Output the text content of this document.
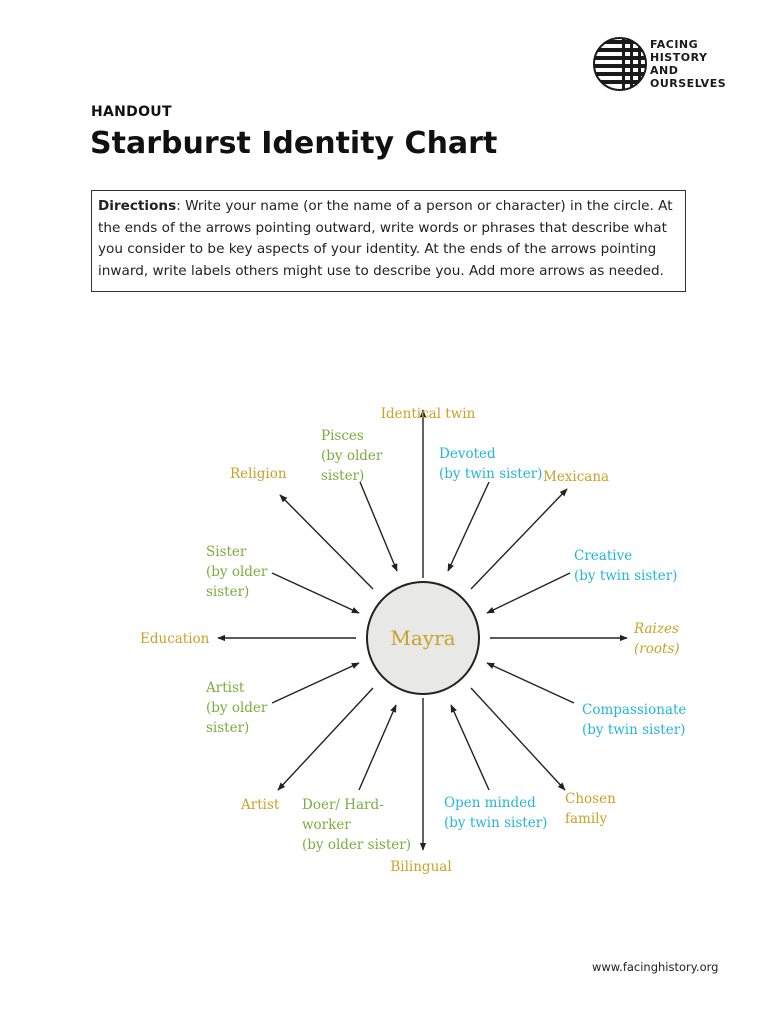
FACING
HISTORY
AND
OURSELVES
HANDOUT
Starburst Identity Chart
Directions: Write your name (or the name of a person or character) in the circle. At the ends of the arrows pointing outward, write words or phrases that describe what you consider to be key aspects of your identity. At the ends of the arrows pointing inward, write labels others might use to describe you. Add more arrows as needed.
Mayra
Identical twin
Pisces (by older sister)
Devoted (by twin sister) Mexicana
Religion
Sister (by older sister)
Creative (by twin sister)
Education
Raizes (roots)
Artist (by older sister)
Compassionate (by twin sister)
Artist Doer/ Hard- worker (by older sister)
Open minded (by twin sister)
Chosen family
Bilingual
www.facinghistory.org
